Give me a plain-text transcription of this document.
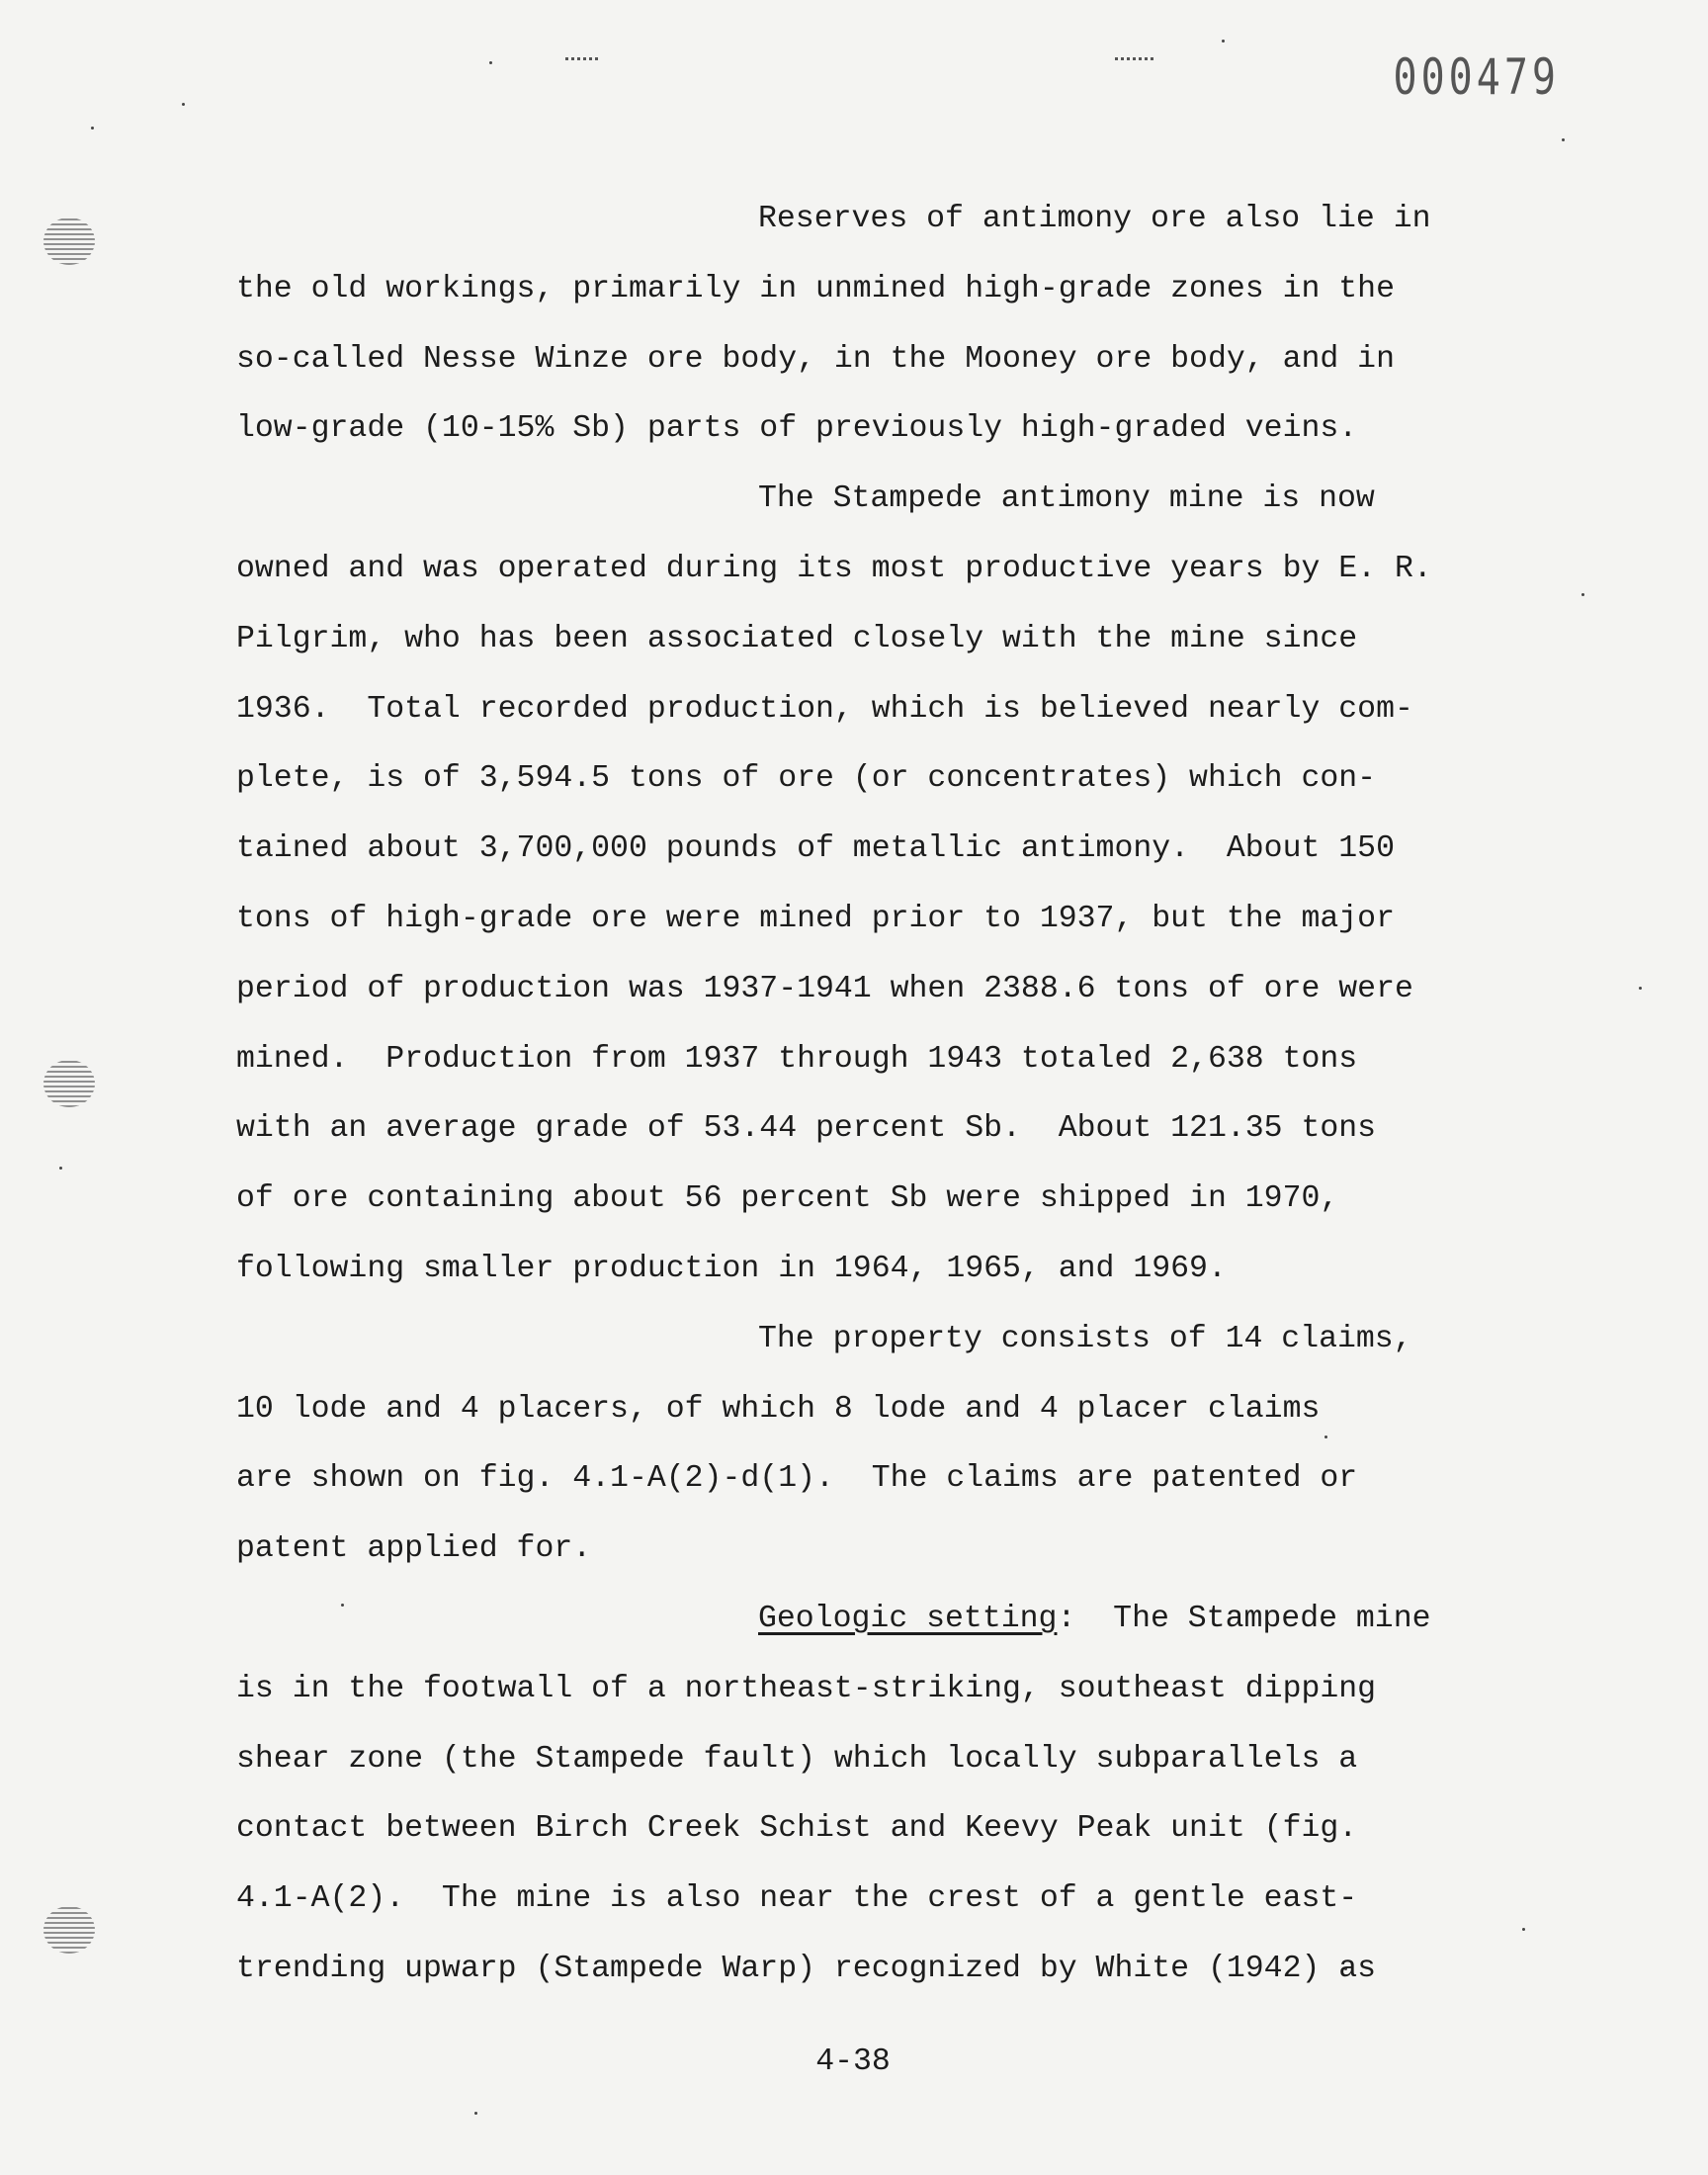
000479
Reserves of antimony ore also lie in
the old workings, primarily in unmined high-grade zones in the
so-called Nesse Winze ore body, in the Mooney ore body, and in
low-grade (10-15% Sb) parts of previously high-graded veins.
The Stampede antimony mine is now
owned and was operated during its most productive years by E. R.
Pilgrim, who has been associated closely with the mine since
1936.  Total recorded production, which is believed nearly com-
plete, is of 3,594.5 tons of ore (or concentrates) which con-
tained about 3,700,000 pounds of metallic antimony.  About 150
tons of high-grade ore were mined prior to 1937, but the major
period of production was 1937-1941 when 2388.6 tons of ore were
mined.  Production from 1937 through 1943 totaled 2,638 tons
with an average grade of 53.44 percent Sb.  About 121.35 tons
of ore containing about 56 percent Sb were shipped in 1970,
following smaller production in 1964, 1965, and 1969.
The property consists of 14 claims,
10 lode and 4 placers, of which 8 lode and 4 placer claims
are shown on fig. 4.1-A(2)-d(1).  The claims are patented or
patent applied for.
Geologic setting:  The Stampede mine
is in the footwall of a northeast-striking, southeast dipping
shear zone (the Stampede fault) which locally subparallels a
contact between Birch Creek Schist and Keevy Peak unit (fig.
4.1-A(2).  The mine is also near the crest of a gentle east-
trending upwarp (Stampede Warp) recognized by White (1942) as
4-38
